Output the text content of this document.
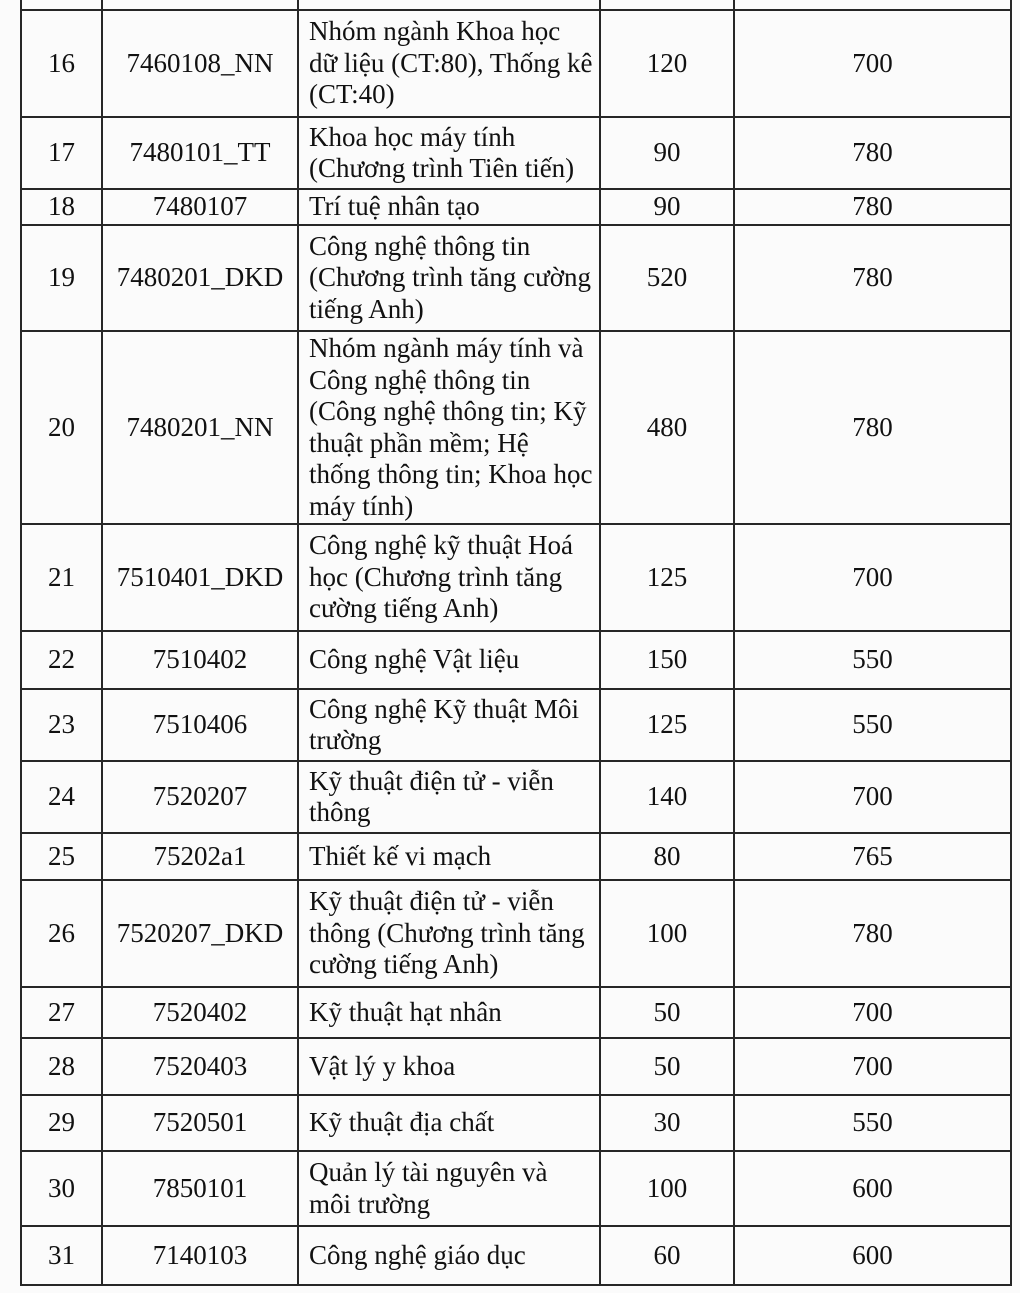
16	7460108_NN	Nhóm ngành Khoa học dữ liệu (CT:80), Thống kê (CT:40)	120	700
17	7480101_TT	Khoa học máy tính (Chương trình Tiên tiến)	90	780
18	7480107	Trí tuệ nhân tạo	90	780
19	7480201_DKD	Công nghệ thông tin (Chương trình tăng cường tiếng Anh)	520	780
20	7480201_NN	Nhóm ngành máy tính và Công nghệ thông tin (Công nghệ thông tin; Kỹ thuật phần mềm; Hệ thống thông tin; Khoa học máy tính)	480	780
21	7510401_DKD	Công nghệ kỹ thuật Hoá học (Chương trình tăng cường tiếng Anh)	125	700
22	7510402	Công nghệ Vật liệu	150	550
23	7510406	Công nghệ Kỹ thuật Môi trường	125	550
24	7520207	Kỹ thuật điện tử - viễn thông	140	700
25	75202a1	Thiết kế vi mạch	80	765
26	7520207_DKD	Kỹ thuật điện tử - viễn thông (Chương trình tăng cường tiếng Anh)	100	780
27	7520402	Kỹ thuật hạt nhân	50	700
28	7520403	Vật lý y khoa	50	700
29	7520501	Kỹ thuật địa chất	30	550
30	7850101	Quản lý tài nguyên và môi trường	100	600
31	7140103	Công nghệ giáo dục	60	600
